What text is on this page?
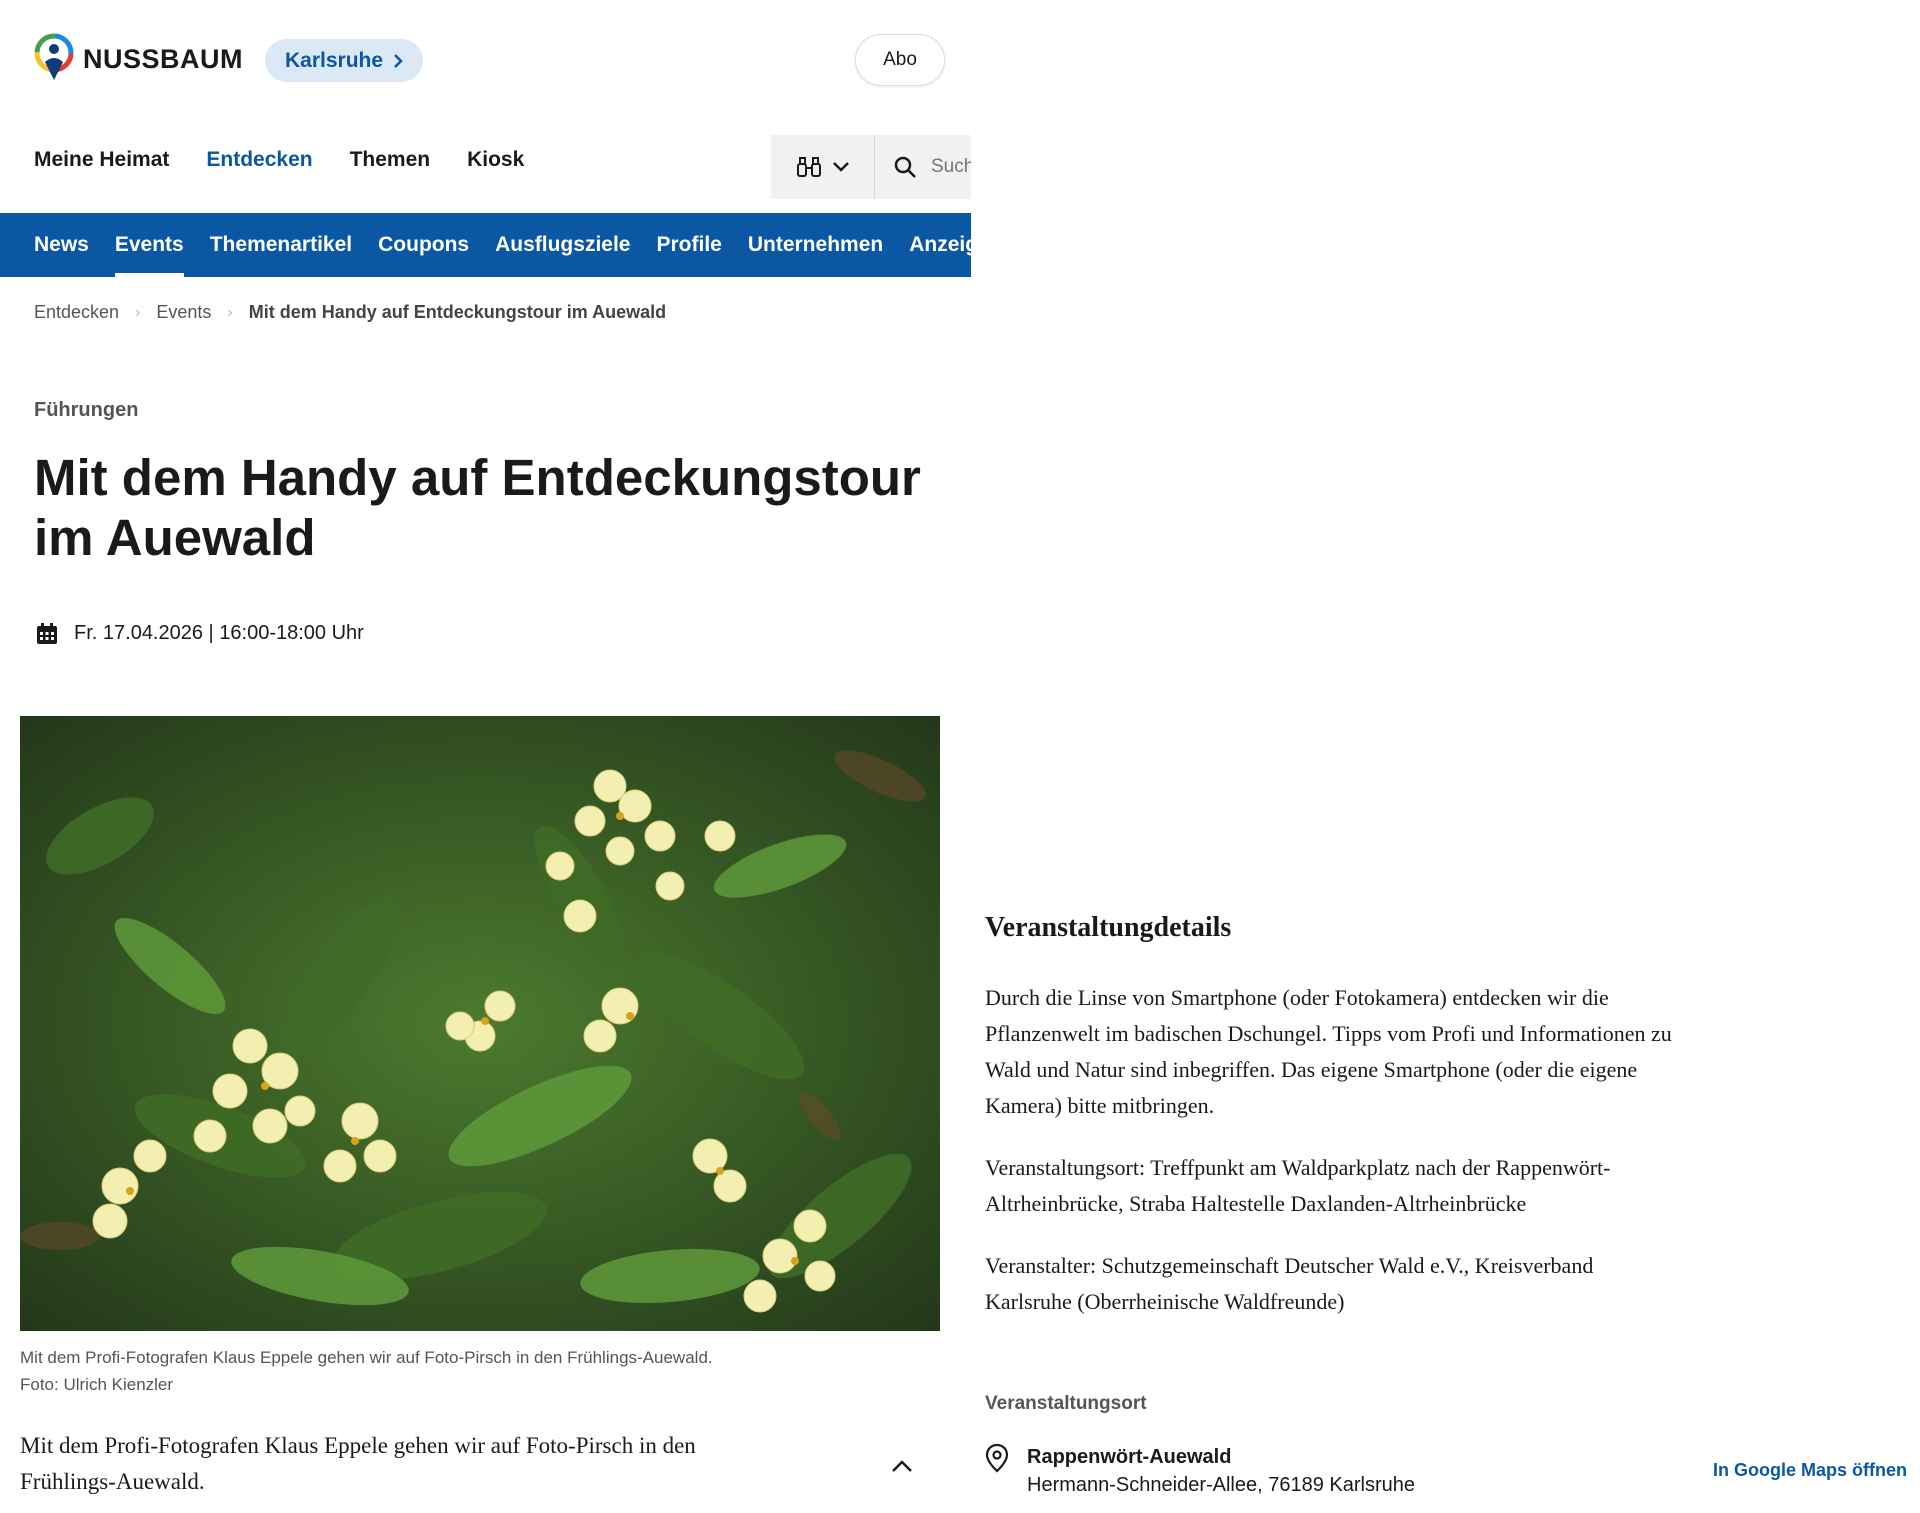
NUSSBAUM Karlsruhe	Abo
Meine Heimat Entdecken Themen Kiosk
Suchen
News Events Themenartikel Coupons Ausflugsziele Profile Unternehmen Anzeigen
Entdecken › Events › Mit dem Handy auf Entdeckungstour im Auewald
Führungen
Mit dem Handy auf Entdeckungstour
im Auewald
Fr. 17.04.2026 | 16:00-18:00 Uhr
Mit dem Profi-Fotografen Klaus Eppele gehen wir auf Foto-Pirsch in den Frühlings-Auewald.
Foto: Ulrich Kienzler
Mit dem Profi-Fotografen Klaus Eppele gehen wir auf Foto-Pirsch in den
Frühlings-Auewald.
Veranstaltungdetails

Durch die Linse von Smartphone (oder Fotokamera) entdecken wir die
Pflanzenwelt im badischen Dschungel. Tipps vom Profi und Informationen zu
Wald und Natur sind inbegriffen. Das eigene Smartphone (oder die eigene
Kamera) bitte mitbringen.

Veranstaltungsort: Treffpunkt am Waldparkplatz nach der Rappenwört-
Altrheinbrücke, Straba Haltestelle Daxlanden-Altrheinbrücke

Veranstalter: Schutzgemeinschaft Deutscher Wald e.V., Kreisverband
Karlsruhe (Oberrheinische Waldfreunde)

Veranstaltungsort
Rappenwört-Auewald
Hermann-Schneider-Allee, 76189 Karlsruhe
In Google Maps öffnen
